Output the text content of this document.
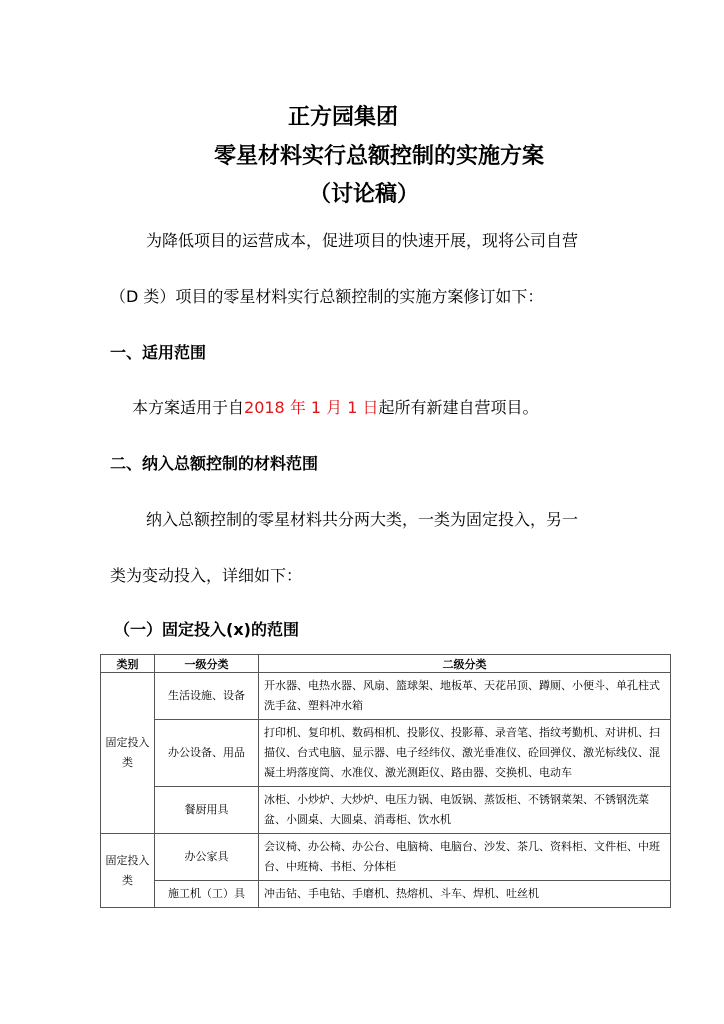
正方园集团
零星材料实行总额控制的实施方案
（讨论稿）
为降低项目的运营成本，促进项目的快速开展，现将公司自营
（D 类）项目的零星材料实行总额控制的实施方案修订如下：
一、适用范围
本方案适用于自2018 年 1 月 1 日起所有新建自营项目。
二、纳入总额控制的材料范围
纳入总额控制的零星材料共分两大类，一类为固定投入，另一
类为变动投入，详细如下：
（一）固定投入(x)的范围
类别	一级分类	二级分类
固定投入类	生活设施、设备	开水器、电热水器、风扇、篮球架、地板革、天花吊顶、蹲厕、小便斗、单孔柱式洗手盆、塑料冲水箱
	办公设备、用品	打印机、复印机、数码相机、投影仪、投影幕、录音笔、指纹考勤机、对讲机、扫描仪、台式电脑、显示器、电子经纬仪、激光垂准仪、砼回弹仪、激光标线仪、混凝土坍落度筒、水准仪、激光测距仪、路由器、交换机、电动车
	餐厨用具	冰柜、小炒炉、大炒炉、电压力锅、电饭锅、蒸饭柜、不锈钢菜架、不锈钢洗菜盆、小圆桌、大圆桌、消毒柜、饮水机
固定投入类	办公家具	会议椅、办公椅、办公台、电脑椅、电脑台、沙发、茶几、资料柜、文件柜、中班台、中班椅、书柜、分体柜
	施工机（工）具	冲击钻、手电钻、手磨机、热熔机、斗车、焊机、吐丝机
